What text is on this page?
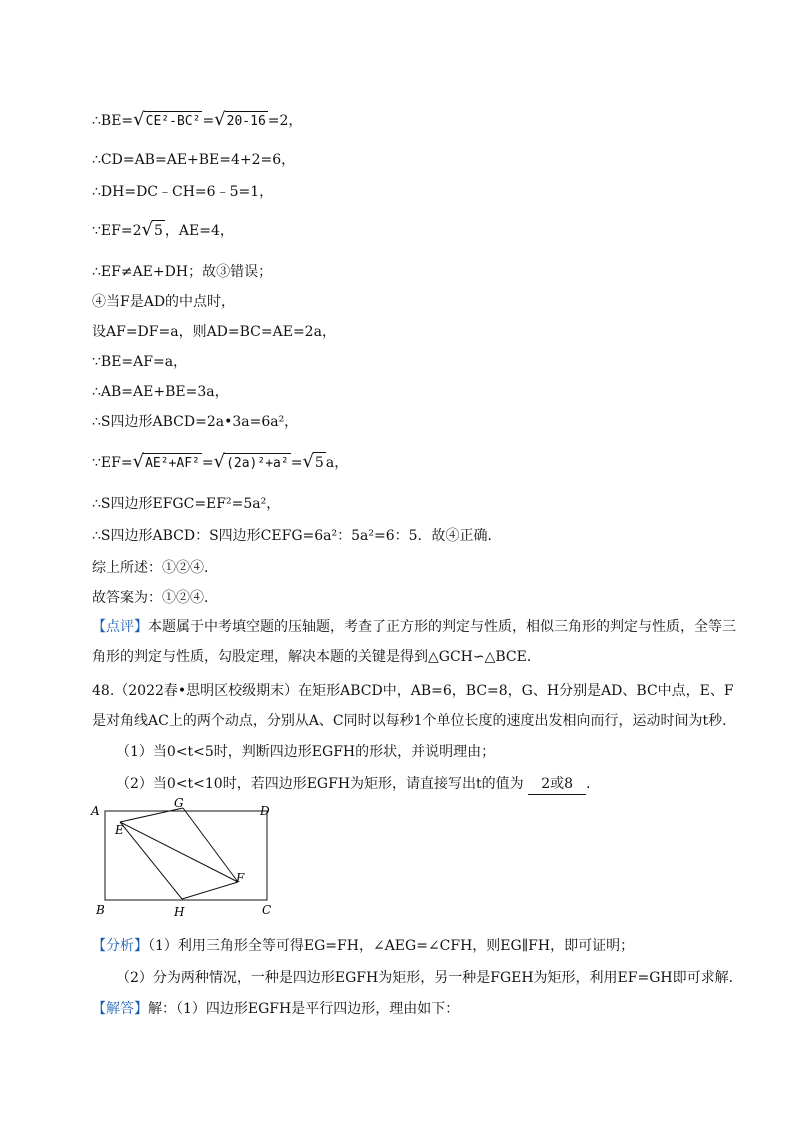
∴BE=√CE²-BC² =√20-16 =2，
∴CD=AB=AE+BE=4+2=6，
∴DH=DC﹣CH=6﹣5=1，
∵EF=2√5 ，AE=4，
∴EF≠AE+DH；故③错误；
④当F是AD的中点时，
设AF=DF=a，则AD=BC=AE=2a，
∵BE=AF=a，
∴AB=AE+BE=3a，
∴S四边形ABCD=2a•3a=6a²，
∵EF=√AE²+AF² =√(2a)²+a² =√5 a，
∴S四边形EFGC=EF²=5a²，
∴S四边形ABCD：S四边形CEFG=6a²：5a²=6：5．故④正确．
综上所述：①②④．
故答案为：①②④．
【点评】本题属于中考填空题的压轴题，考查了正方形的判定与性质，相似三角形的判定与性质，全等三角形的判定与性质，勾股定理，解决本题的关键是得到△GCH∽△BCE．
48.（2022春•思明区校级期末）在矩形ABCD中，AB=6，BC=8，G、H分别是AD、BC中点，E、F是对角线AC上的两个动点，分别从A、C同时以每秒1个单位长度的速度出发相向而行，运动时间为t秒．
（1）当0<t<5时，判断四边形EGFH的形状，并说明理由；
（2）当0<t<10时，若四边形EGFH为矩形，请直接写出t的值为 2或8 ．
A	D
B	C
G
H
E
F
【分析】（1）利用三角形全等可得EG=FH，∠AEG=∠CFH，则EG∥FH，即可证明；
（2）分为两种情况，一种是四边形EGFH为矩形，另一种是FGEH为矩形，利用EF=GH即可求解．
【解答】解：（1）四边形EGFH是平行四边形，理由如下：
